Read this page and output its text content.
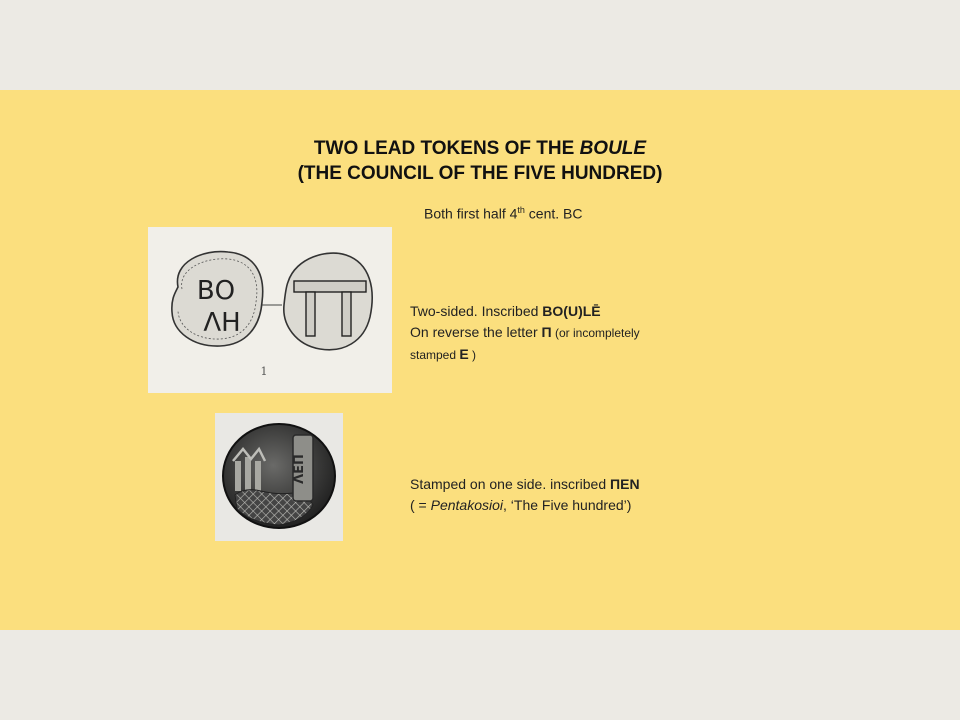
TWO LEAD TOKENS OF THE BOULE
(THE COUNCIL OF THE FIVE HUNDRED)
Both first half 4th cent. BC
ΒΟ
ΛΗ
1
Two-sided. Inscribed BO(U)LĒ
On reverse the letter Π (or incompletely
stamped E )
ΛΕΠ
Stamped on one side. inscribed ΠΕΝ
( = Pentakosioi, ‘The Five hundred’)
